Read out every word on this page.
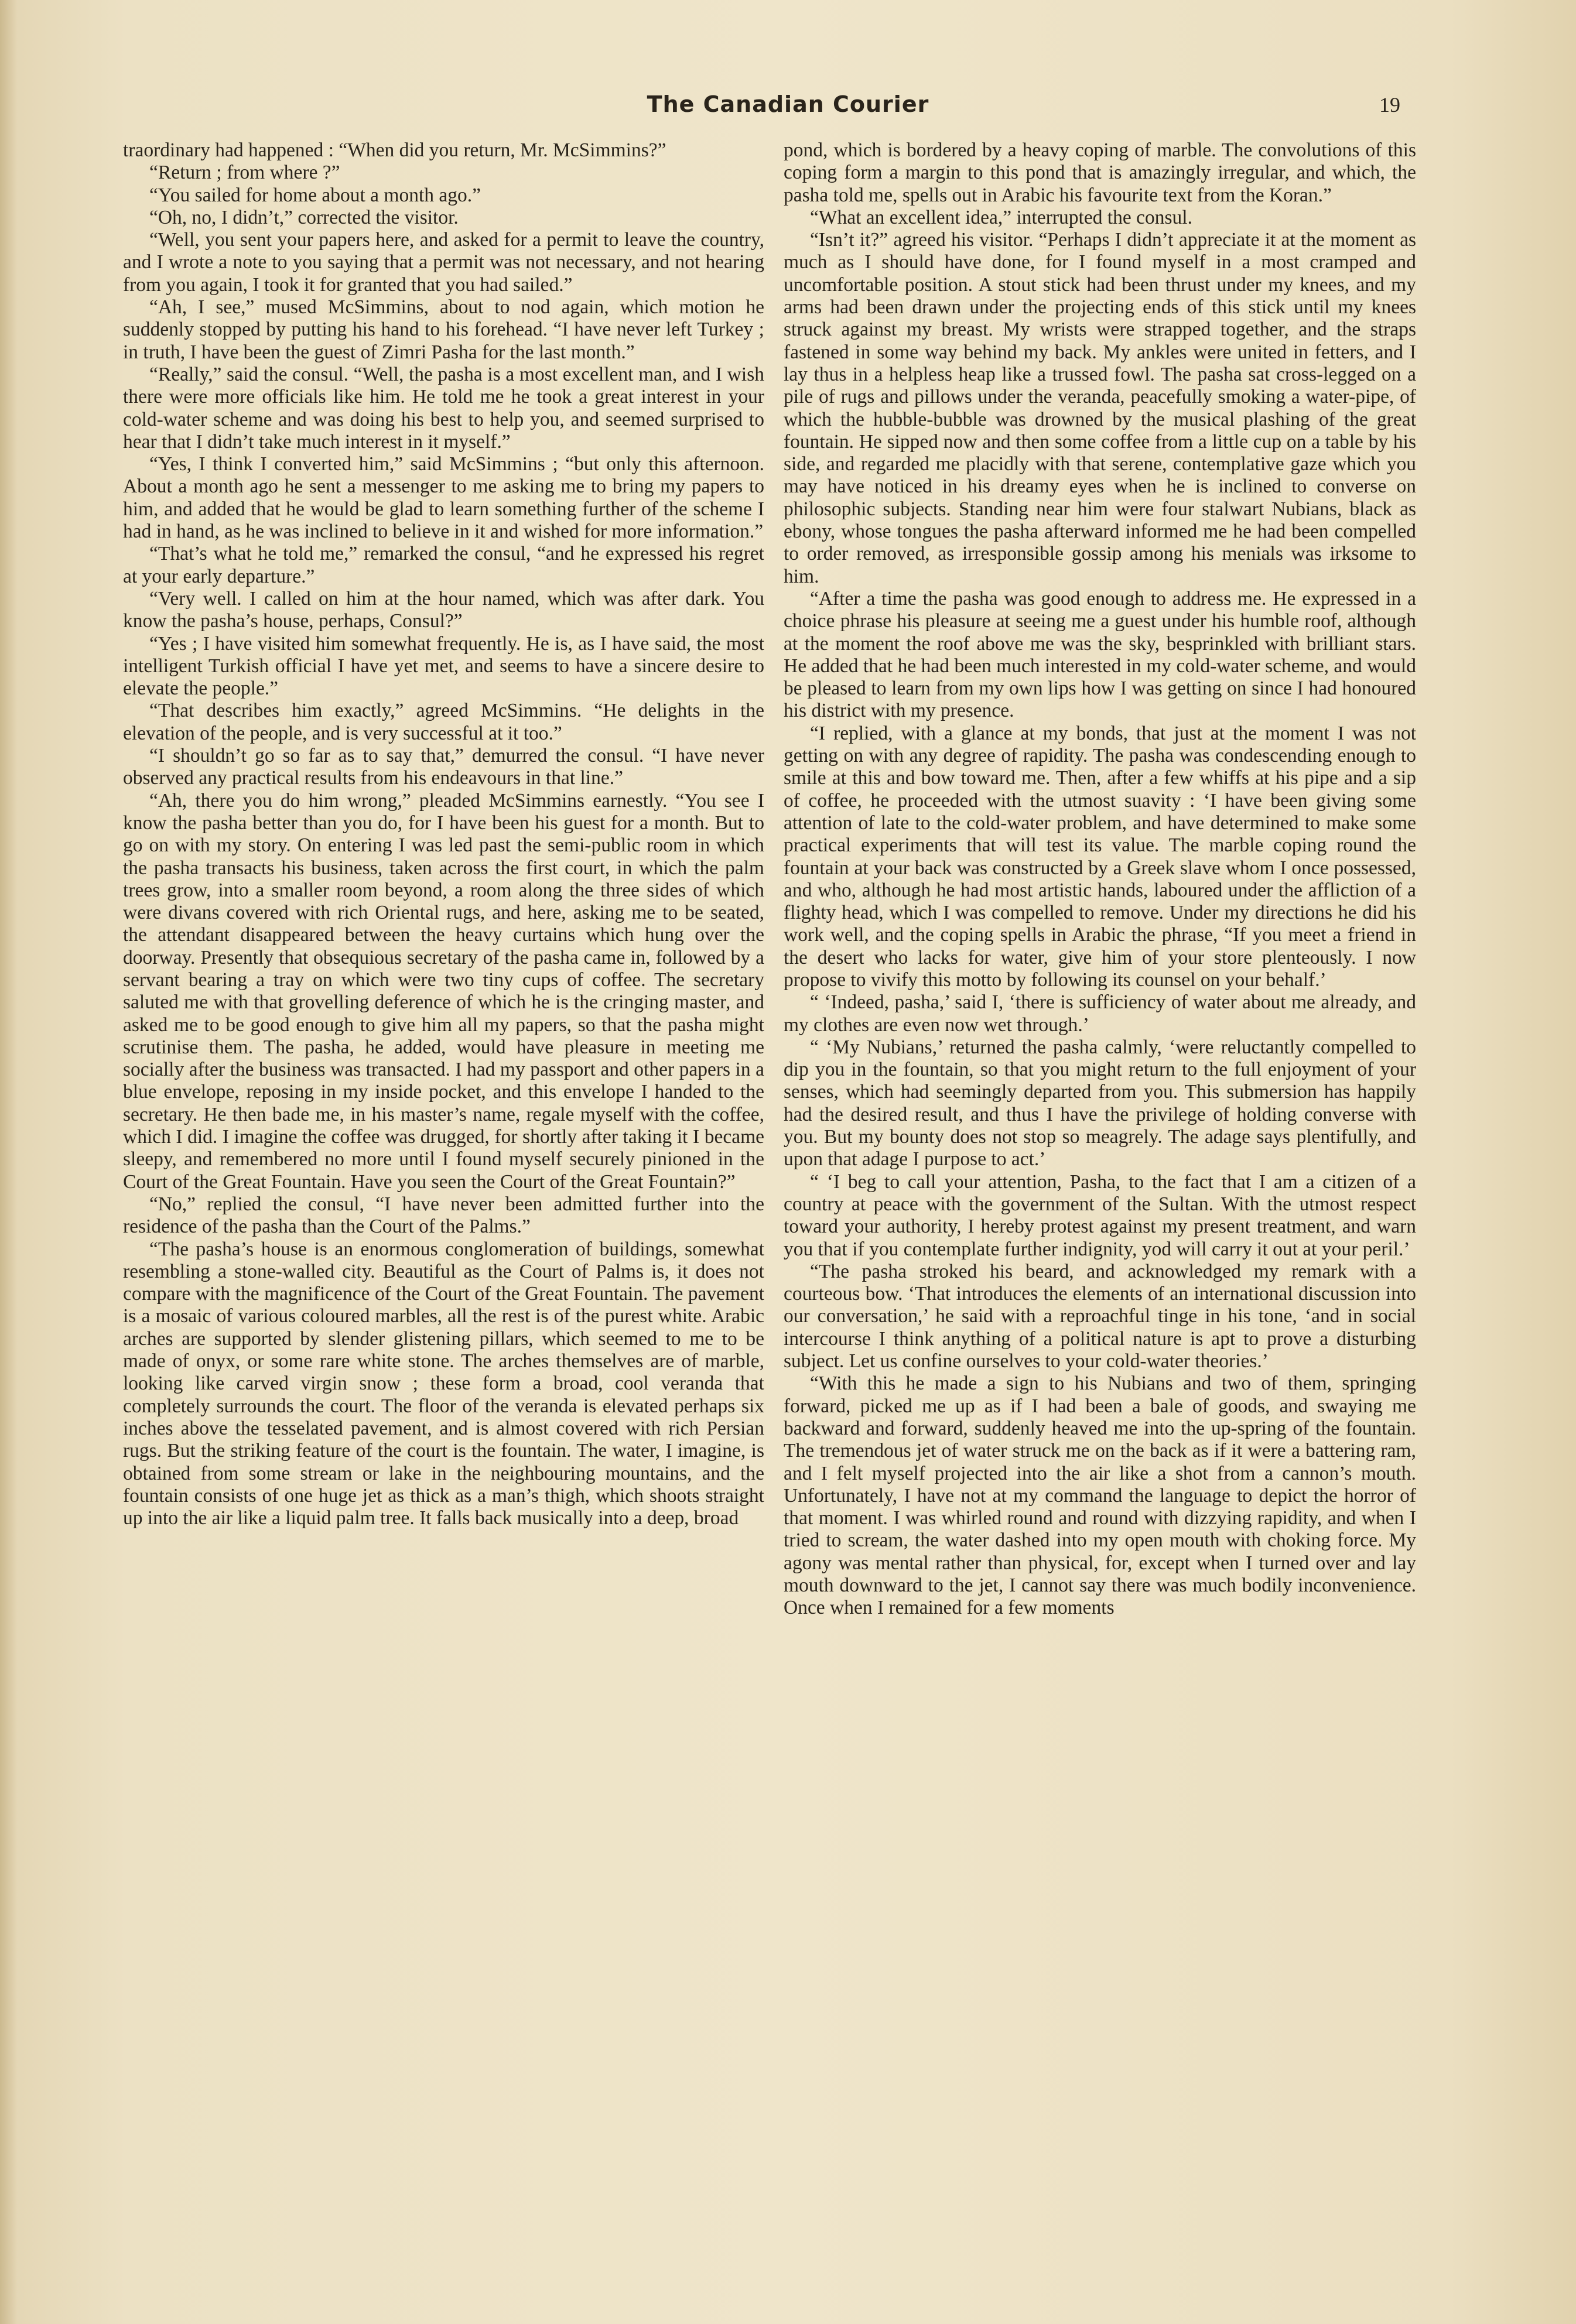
The Canadian Courier	19

traordinary had happened : “When did you return, Mr. McSimmins?”

“Return ; from where ?”

“You sailed for home about a month ago.”

“Oh, no, I didn’t,” corrected the visitor.

“Well, you sent your papers here, and asked for a permit to leave the country, and I wrote a note to you saying that a permit was not necessary, and not hearing from you again, I took it for granted that you had sailed.”

“Ah, I see,” mused McSimmins, about to nod again, which motion he suddenly stopped by putting his hand to his forehead. “I have never left Turkey ; in truth, I have been the guest of Zimri Pasha for the last month.”

“Really,” said the consul. “Well, the pasha is a most excellent man, and I wish there were more officials like him. He told me he took a great interest in your cold-water scheme and was doing his best to help you, and seemed surprised to hear that I didn’t take much interest in it myself.”

“Yes, I think I converted him,” said McSimmins ; “but only this afternoon. About a month ago he sent a messenger to me asking me to bring my papers to him, and added that he would be glad to learn something further of the scheme I had in hand, as he was inclined to believe in it and wished for more information.”

“That’s what he told me,” remarked the consul, “and he expressed his regret at your early departure.”

“Very well. I called on him at the hour named, which was after dark. You know the pasha’s house, perhaps, Consul?”

“Yes ; I have visited him somewhat frequently. He is, as I have said, the most intelligent Turkish official I have yet met, and seems to have a sincere desire to elevate the people.”

“That describes him exactly,” agreed McSimmins. “He delights in the elevation of the people, and is very successful at it too.”

“I shouldn’t go so far as to say that,” demurred the consul. “I have never observed any practical results from his endeavours in that line.”

“Ah, there you do him wrong,” pleaded McSimmins earnestly. “You see I know the pasha better than you do, for I have been his guest for a month. But to go on with my story. On entering I was led past the semi-public room in which the pasha transacts his business, taken across the first court, in which the palm trees grow, into a smaller room beyond, a room along the three sides of which were divans covered with rich Oriental rugs, and here, asking me to be seated, the attendant disappeared between the heavy curtains which hung over the doorway. Presently that obsequious secretary of the pasha came in, followed by a servant bearing a tray on which were two tiny cups of coffee. The secretary saluted me with that grovelling deference of which he is the cringing master, and asked me to be good enough to give him all my papers, so that the pasha might scrutinise them. The pasha, he added, would have pleasure in meeting me socially after the business was transacted. I had my passport and other papers in a blue envelope, reposing in my inside pocket, and this envelope I handed to the secretary. He then bade me, in his master’s name, regale myself with the coffee, which I did. I imagine the coffee was drugged, for shortly after taking it I became sleepy, and remembered no more until I found myself securely pinioned in the Court of the Great Fountain. Have you seen the Court of the Great Fountain?”

“No,” replied the consul, “I have never been admitted further into the residence of the pasha than the Court of the Palms.”

“The pasha’s house is an enormous conglomeration of buildings, somewhat resembling a stone-walled city. Beautiful as the Court of Palms is, it does not compare with the magnificence of the Court of the Great Fountain. The pavement is a mosaic of various coloured marbles, all the rest is of the purest white. Arabic arches are supported by slender glistening pillars, which seemed to me to be made of onyx, or some rare white stone. The arches themselves are of marble, looking like carved virgin snow ; these form a broad, cool veranda that completely surrounds the court. The floor of the veranda is elevated perhaps six inches above the tesselated pavement, and is almost covered with rich Persian rugs. But the striking feature of the court is the fountain. The water, I imagine, is obtained from some stream or lake in the neighbouring mountains, and the fountain consists of one huge jet as thick as a man’s thigh, which shoots straight up into the air like a liquid palm tree. It falls back musically into a deep, broad

pond, which is bordered by a heavy coping of marble. The convolutions of this coping form a margin to this pond that is amazingly irregular, and which, the pasha told me, spells out in Arabic his favourite text from the Koran.”

“What an excellent idea,” interrupted the consul.

“Isn’t it?” agreed his visitor. “Perhaps I didn’t appreciate it at the moment as much as I should have done, for I found myself in a most cramped and uncomfortable position. A stout stick had been thrust under my knees, and my arms had been drawn under the projecting ends of this stick until my knees struck against my breast. My wrists were strapped together, and the straps fastened in some way behind my back. My ankles were united in fetters, and I lay thus in a helpless heap like a trussed fowl. The pasha sat cross-legged on a pile of rugs and pillows under the veranda, peacefully smoking a water-pipe, of which the hubble-bubble was drowned by the musical plashing of the great fountain. He sipped now and then some coffee from a little cup on a table by his side, and regarded me placidly with that serene, contemplative gaze which you may have noticed in his dreamy eyes when he is inclined to converse on philosophic subjects. Standing near him were four stalwart Nubians, black as ebony, whose tongues the pasha afterward informed me he had been compelled to order removed, as irresponsible gossip among his menials was irksome to him.

“After a time the pasha was good enough to address me. He expressed in a choice phrase his pleasure at seeing me a guest under his humble roof, although at the moment the roof above me was the sky, besprinkled with brilliant stars. He added that he had been much interested in my cold-water scheme, and would be pleased to learn from my own lips how I was getting on since I had honoured his district with my presence.

“I replied, with a glance at my bonds, that just at the moment I was not getting on with any degree of rapidity. The pasha was condescending enough to smile at this and bow toward me. Then, after a few whiffs at his pipe and a sip of coffee, he proceeded with the utmost suavity : ‘I have been giving some attention of late to the cold-water problem, and have determined to make some practical experiments that will test its value. The marble coping round the fountain at your back was constructed by a Greek slave whom I once possessed, and who, although he had most artistic hands, laboured under the affliction of a flighty head, which I was compelled to remove. Under my directions he did his work well, and the coping spells in Arabic the phrase, “If you meet a friend in the desert who lacks for water, give him of your store plenteously. I now propose to vivify this motto by following its counsel on your behalf.’

“ ‘Indeed, pasha,’ said I, ‘there is sufficiency of water about me already, and my clothes are even now wet through.’

“ ‘My Nubians,’ returned the pasha calmly, ‘were reluctantly compelled to dip you in the fountain, so that you might return to the full enjoyment of your senses, which had seemingly departed from you. This submersion has happily had the desired result, and thus I have the privilege of holding converse with you. But my bounty does not stop so meagrely. The adage says plentifully, and upon that adage I purpose to act.’

“ ‘I beg to call your attention, Pasha, to the fact that I am a citizen of a country at peace with the government of the Sultan. With the utmost respect toward your authority, I hereby protest against my present treatment, and warn you that if you contemplate further indignity, yod will carry it out at your peril.’

“The pasha stroked his beard, and acknowledged my remark with a courteous bow. ‘That introduces the elements of an international discussion into our conversation,’ he said with a reproachful tinge in his tone, ‘and in social intercourse I think anything of a political nature is apt to prove a disturbing subject. Let us confine ourselves to your cold-water theories.’

“With this he made a sign to his Nubians and two of them, springing forward, picked me up as if I had been a bale of goods, and swaying me backward and forward, suddenly heaved me into the up-spring of the fountain. The tremendous jet of water struck me on the back as if it were a battering ram, and I felt myself projected into the air like a shot from a cannon’s mouth. Unfortunately, I have not at my command the language to depict the horror of that moment. I was whirled round and round with dizzying rapidity, and when I tried to scream, the water dashed into my open mouth with choking force. My agony was mental rather than physical, for, except when I turned over and lay mouth downward to the jet, I cannot say there was much bodily inconvenience. Once when I remained for a few moments
